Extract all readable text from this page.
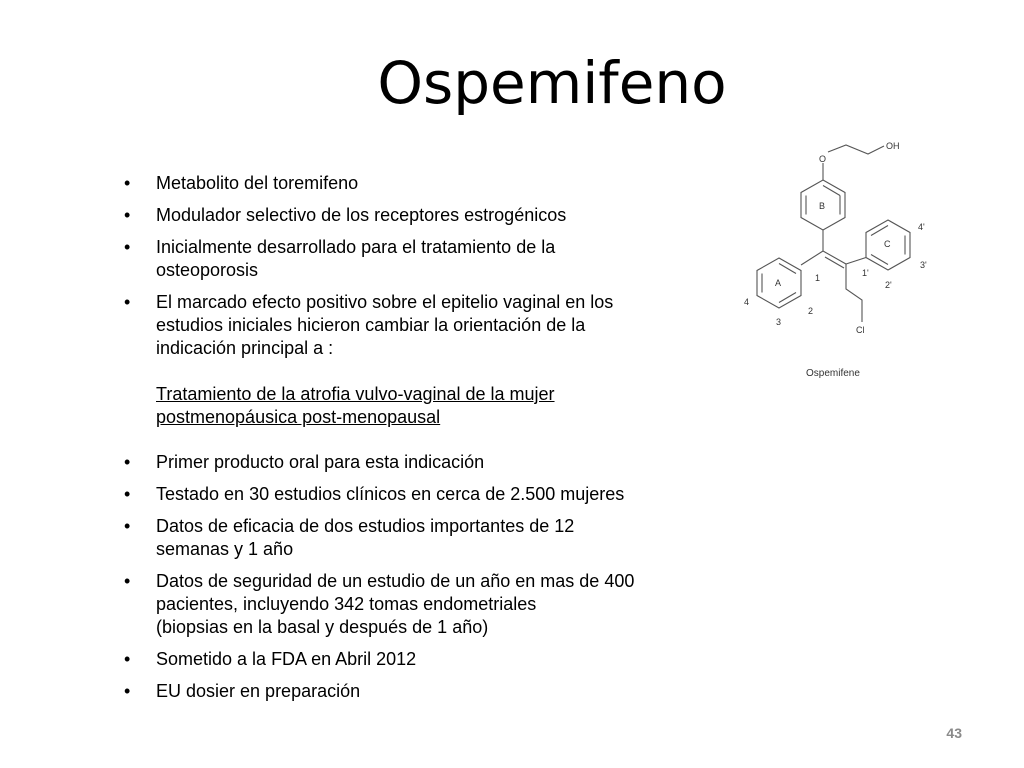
Ospemifeno
•	Metabolito del toremifeno
•	Modulador selectivo de los receptores estrogénicos
•	Inicialmente desarrollado para el tratamiento de la
osteoporosis
•	El marcado efecto positivo sobre el epitelio vaginal en los
estudios iniciales hicieron cambiar la orientación de la
indicación principal a :
Tratamiento de la atrofia vulvo-vaginal de la mujer
postmenopáusica post-menopausal
•	Primer producto oral para esta indicación
•	Testado en 30 estudios clínicos en cerca de 2.500 mujeres
•	Datos de eficacia de dos estudios importantes de 12
semanas y 1 año
•	Datos de seguridad de un estudio de un año en mas de 400
pacientes, incluyendo 342 tomas endometriales
(biopsias en la basal y después de 1 año)
•	Sometido a la FDA en Abril 2012
•	EU dosier en preparación
O
OH
Cl
B
A
C
1
2
3
4
1'
2'
3'
4'
Ospemifene
43
